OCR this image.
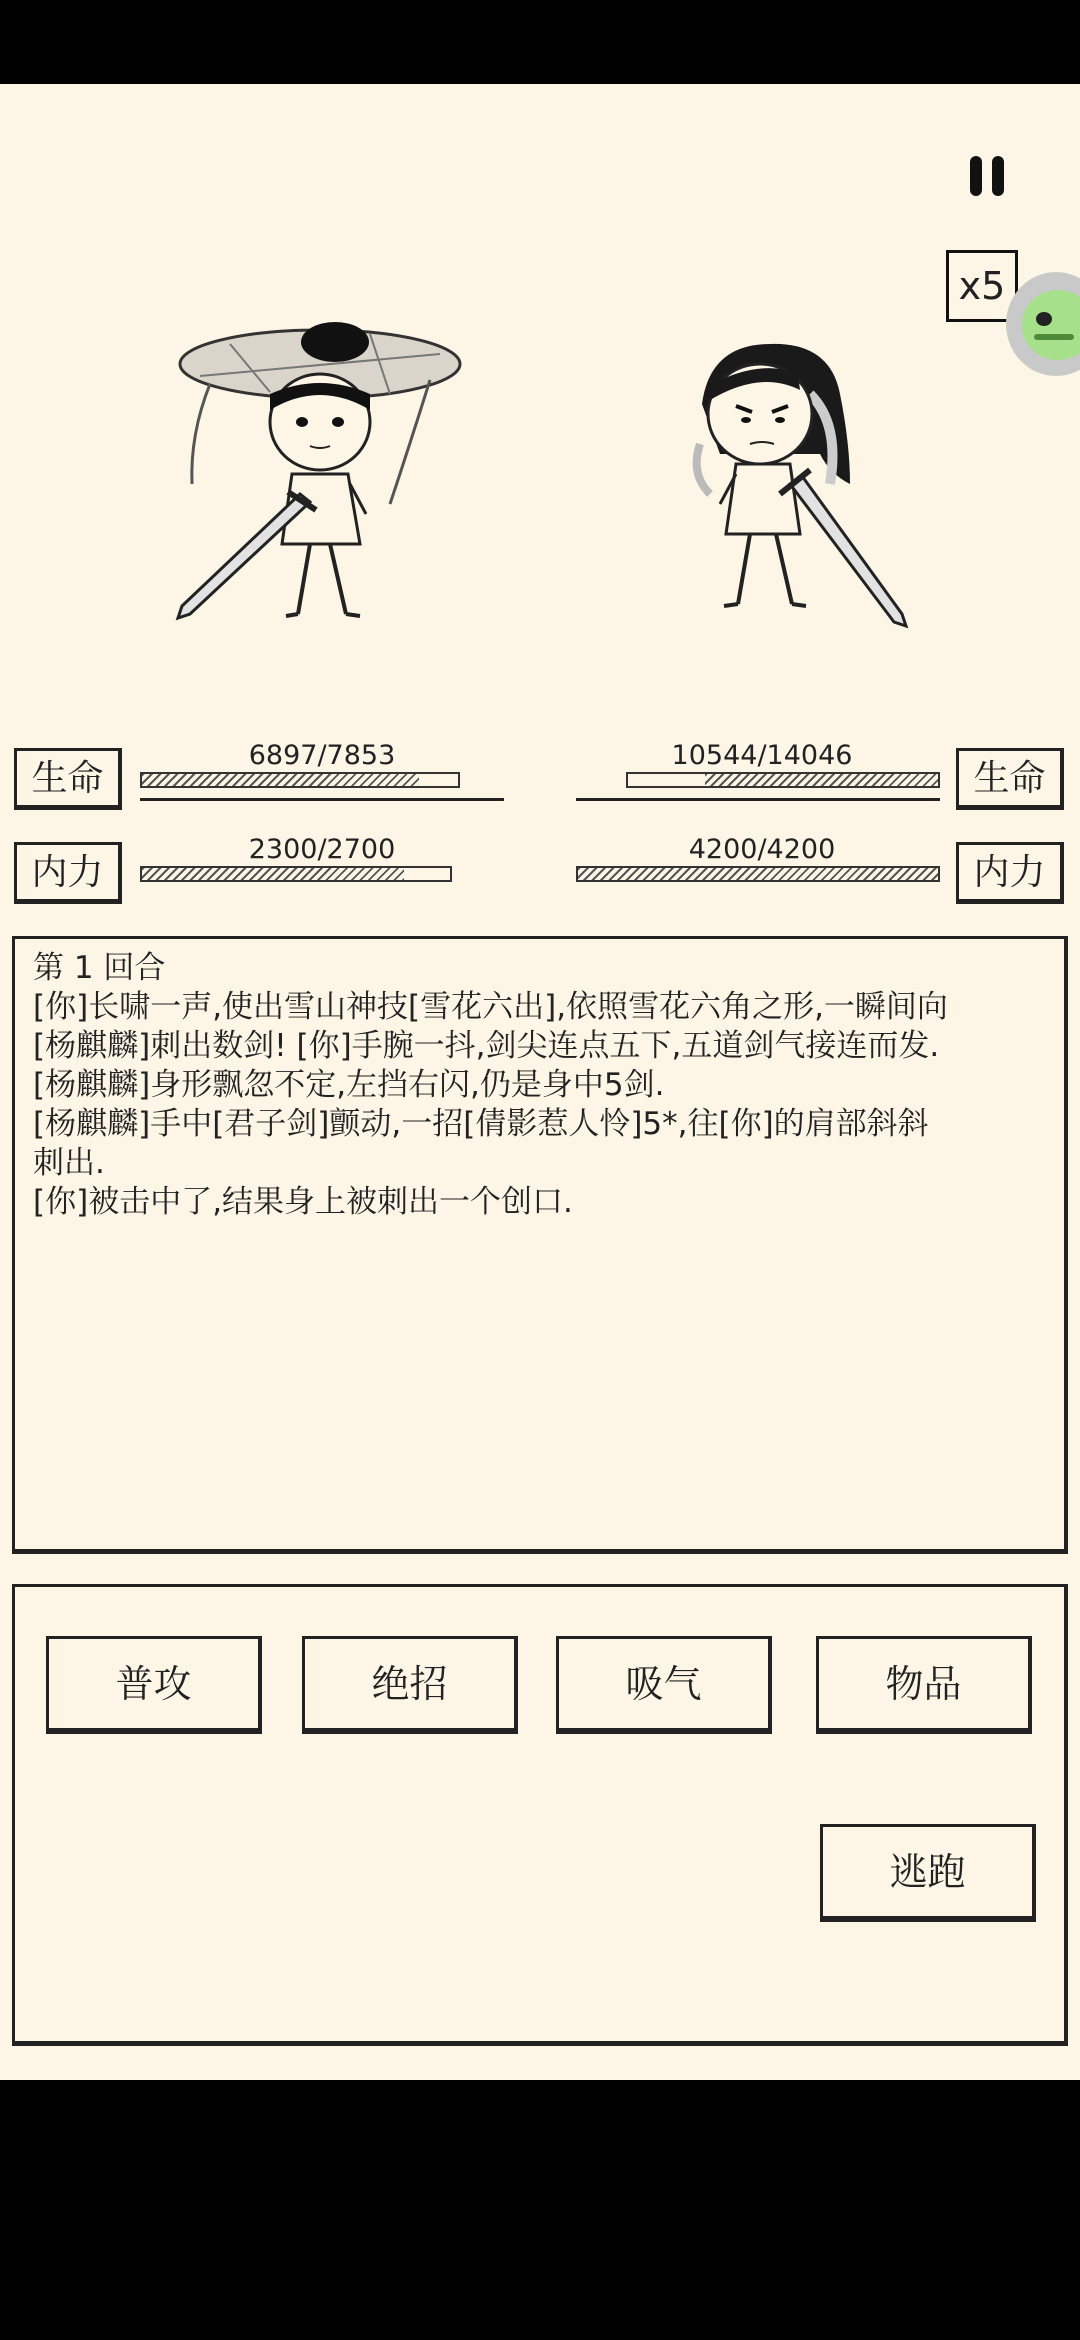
x5
生命
6897/7853
内力
2300/2700
生命
10544/14046
内力
4200/4200
第 1 回合
[你]长啸一声,使出雪山神技[雪花六出],依照雪花六角之形,一瞬间向
[杨麒麟]刺出数剑! [你]手腕一抖,剑尖连点五下,五道剑气接连而发.
[杨麒麟]身形飘忽不定,左挡右闪,仍是身中5剑.
[杨麒麟]手中[君子剑]颤动,一招[倩影惹人怜]5*,往[你]的肩部斜斜
刺出.
[你]被击中了,结果身上被刺出一个创口.
普攻	绝招	吸气	物品
逃跑
